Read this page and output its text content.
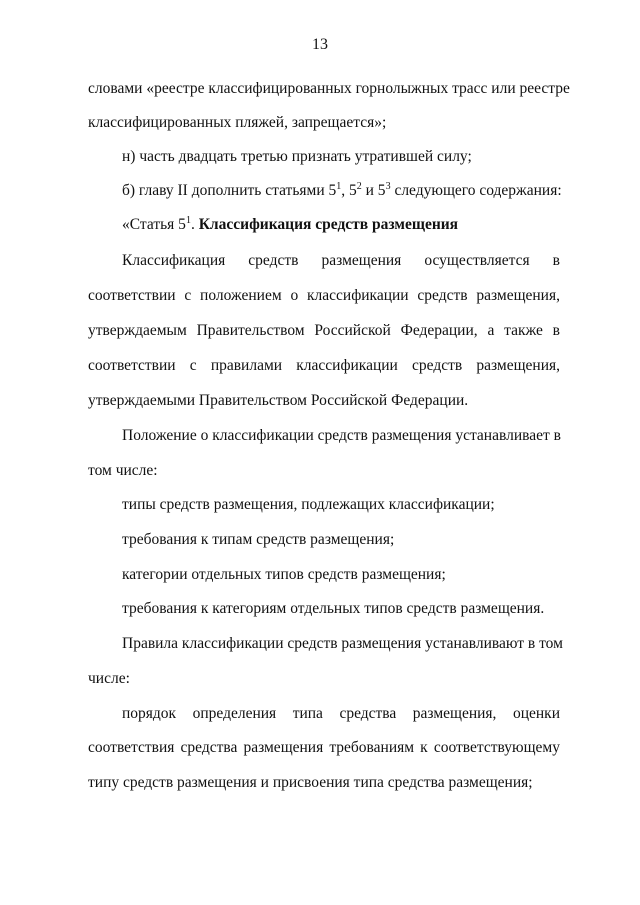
13
словами «реестре классифицированных горнолыжных трасс или реестре
классифицированных пляжей, запрещается»;
н) часть двадцать третью признать утратившей силу;
б) главу II дополнить статьями $5^1$, $5^2$ и $5^3$ следующего содержания:
«Статья $5^1$. Классификация средств размещения
Классификация средств размещения осуществляется в
соответствии с положением о классификации средств размещения,
утверждаемым Правительством Российской Федерации, а также в
соответствии с правилами классификации средств размещения,
утверждаемыми Правительством Российской Федерации.
Положение о классификации средств размещения устанавливает в
том числе:
типы средств размещения, подлежащих классификации;
требования к типам средств размещения;
категории отдельных типов средств размещения;
требования к категориям отдельных типов средств размещения.
Правила классификации средств размещения устанавливают в том
числе:
порядок определения типа средства размещения, оценки
соответствия средства размещения требованиям к соответствующему
типу средств размещения и присвоения типа средства размещения;
